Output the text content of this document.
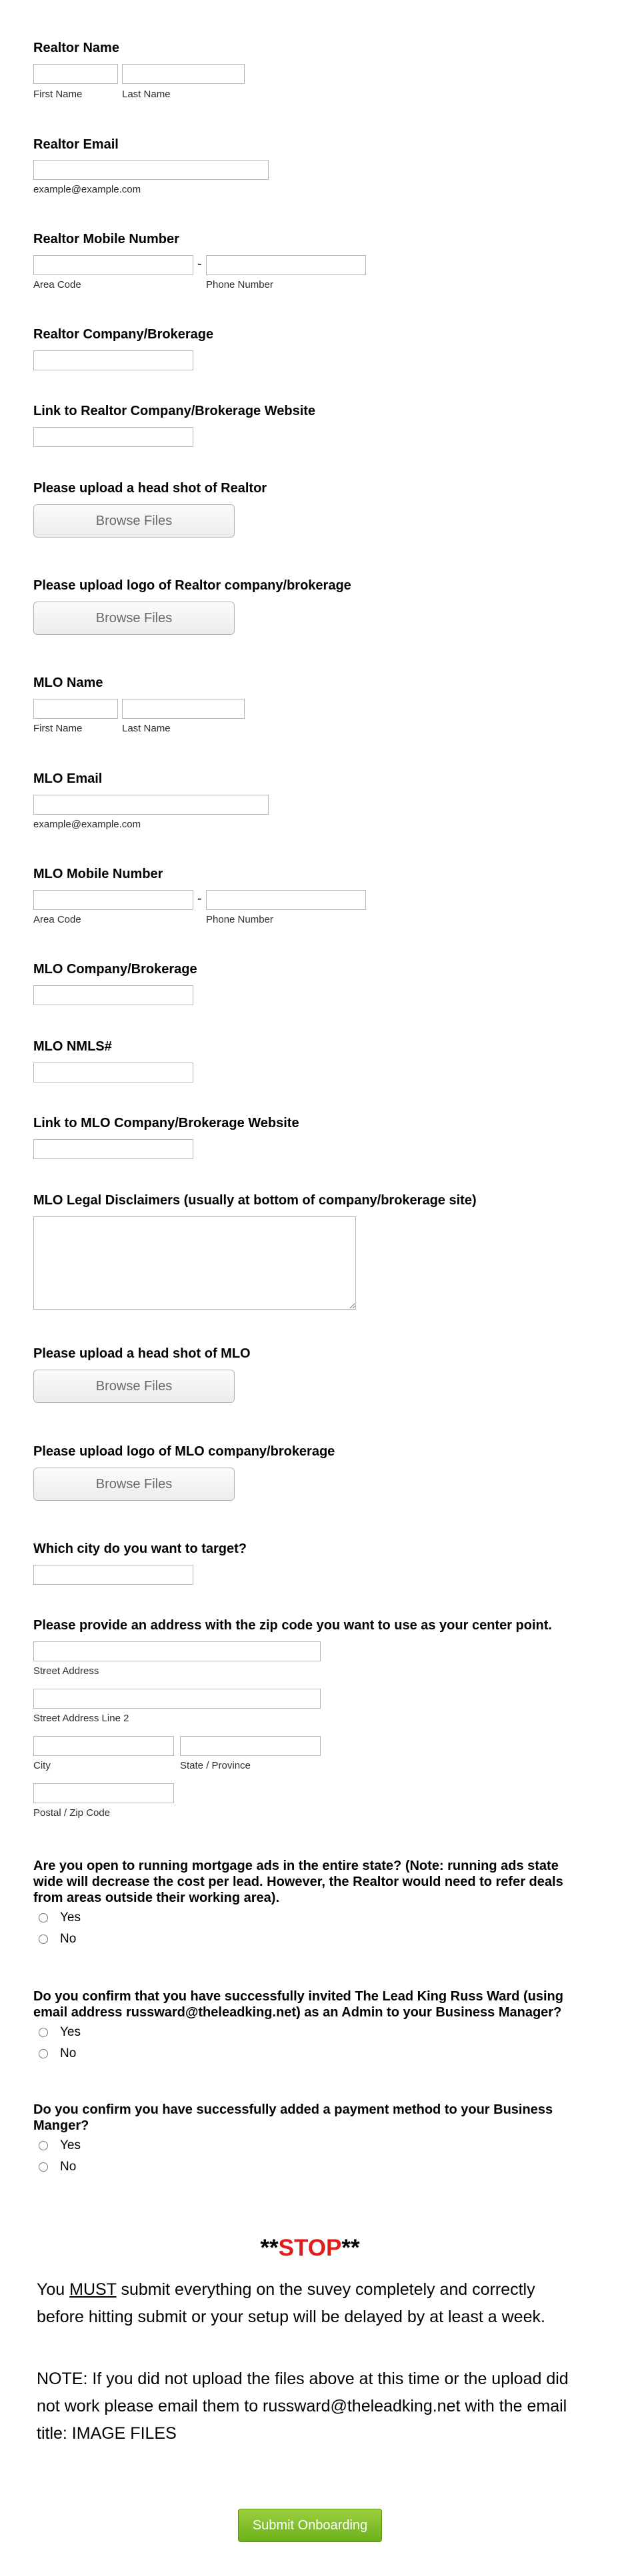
Realtor Name
First Name	Last Name
Realtor Email
example@example.com
Realtor Mobile Number
-
Area Code	Phone Number
Realtor Company/Brokerage
Link to Realtor Company/Brokerage Website
Please upload a head shot of Realtor
Browse Files
Please upload logo of Realtor company/brokerage
Browse Files
MLO Name
First Name	Last Name
MLO Email
example@example.com
MLO Mobile Number
-
Area Code	Phone Number
MLO Company/Brokerage
MLO NMLS#
Link to MLO Company/Brokerage Website
MLO Legal Disclaimers (usually at bottom of company/brokerage site)
Please upload a head shot of MLO
Browse Files
Please upload logo of MLO company/brokerage
Browse Files
Which city do you want to target?
Please provide an address with the zip code you want to use as your center point.
Street Address
Street Address Line 2
City	State / Province
Postal / Zip Code
Are you open to running mortgage ads in the entire state? (Note: running ads state wide will decrease the cost per lead. However, the Realtor would need to refer deals from areas outside their working area).
Yes
No
Do you confirm that you have successfully invited The Lead King Russ Ward (using email address russward@theleadking.net) as an Admin to your Business Manager?
Yes
No
Do you confirm you have successfully added a payment method to your Business Manger?
Yes
No
**STOP**
You MUST submit everything on the suvey completely and correctly before hitting submit or your setup will be delayed by at least a week.
NOTE: If you did not upload the files above at this time or the upload did not work please email them to russward@theleadking.net with the email title: IMAGE FILES
Submit Onboarding
